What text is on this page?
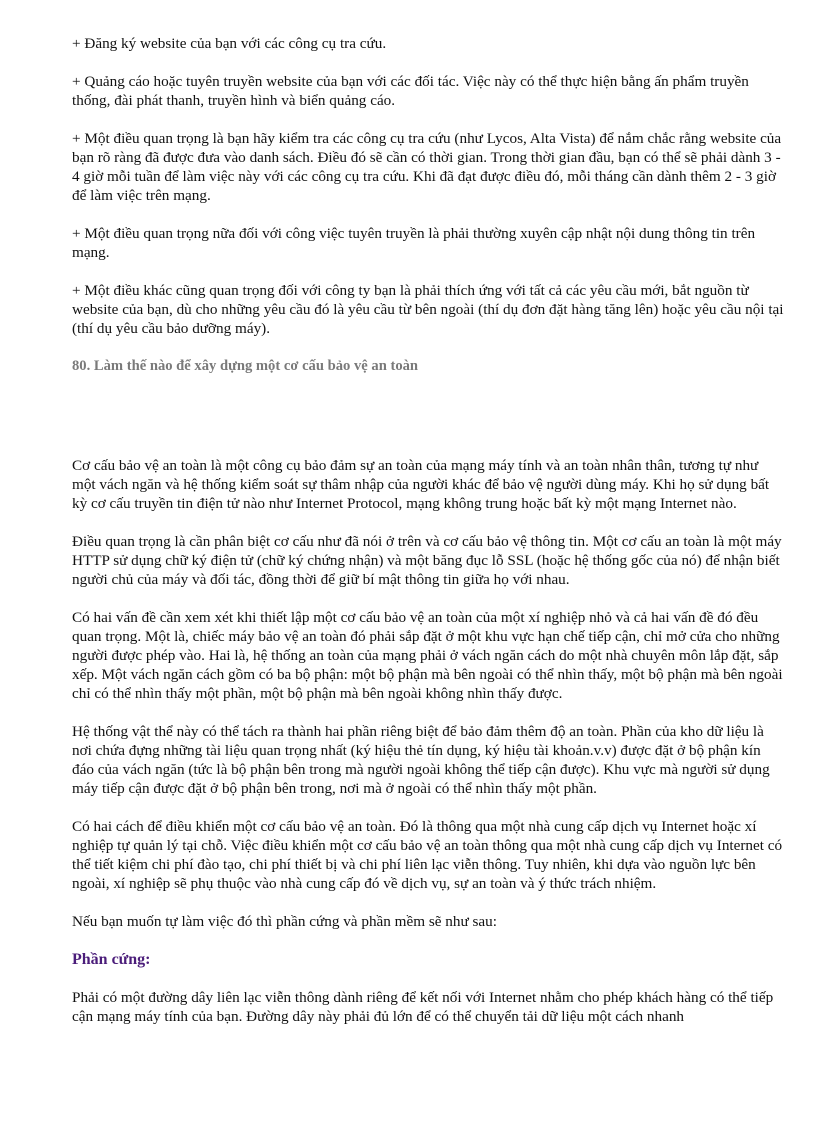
+ Đăng ký website của bạn với các công cụ tra cứu.

+ Quảng cáo hoặc tuyên truyền website của bạn với các đối tác. Việc này có thể thực hiện bằng ấn phẩm truyền thống, đài phát thanh, truyền hình và biển quảng cáo.

+ Một điều quan trọng là bạn hãy kiểm tra các công cụ tra cứu (như Lycos, Alta Vista) để nắm chắc rằng website của bạn rõ ràng đã được đưa vào danh sách. Điều đó sẽ cần có thời gian. Trong thời gian đầu, bạn có thể sẽ phải dành 3 - 4 giờ mỗi tuần để làm việc này với các công cụ tra cứu. Khi đã đạt được điều đó, mỗi tháng cần dành thêm 2 - 3 giờ để làm việc trên mạng.

+ Một điều quan trọng nữa đối với công việc tuyên truyền là phải thường xuyên cập nhật nội dung thông tin trên mạng.

+ Một điều khác cũng quan trọng đối với công ty bạn là phải thích ứng với tất cả các yêu cầu mới, bắt nguồn từ website của bạn, dù cho những yêu cầu đó là yêu cầu từ bên ngoài (thí dụ đơn đặt hàng tăng lên) hoặc yêu cầu nội tại (thí dụ yêu cầu bảo dưỡng máy).

80. Làm thế nào để xây dựng một cơ cấu bảo vệ an toàn

Cơ cấu bảo vệ an toàn là một công cụ bảo đảm sự an toàn của mạng máy tính và an toàn nhân thân, tương tự như một vách ngăn và hệ thống kiểm soát sự thâm nhập của người khác để bảo vệ người dùng máy. Khi họ sử dụng bất kỳ cơ cấu truyền tin điện tử nào như Internet Protocol, mạng không trung hoặc bất kỳ một mạng Internet nào.

Điều quan trọng là cần phân biệt cơ cấu như đã nói ở trên và cơ cấu bảo vệ thông tin. Một cơ cấu an toàn là một máy HTTP sử dụng chữ ký điện tử (chữ ký chứng nhận) và một băng đục lỗ SSL (hoặc hệ thống gốc của nó) để nhận biết người chủ của máy và đối tác, đồng thời để giữ bí mật thông tin giữa họ với nhau.

Có hai vấn đề cần xem xét khi thiết lập một cơ cấu bảo vệ an toàn của một xí nghiệp nhỏ và cả hai vấn đề đó đều quan trọng. Một là, chiếc máy bảo vệ an toàn đó phải sắp đặt ở một khu vực hạn chế tiếp cận, chỉ mở cửa cho những người được phép vào. Hai là, hệ thống an toàn của mạng phải ở vách ngăn cách do một nhà chuyên môn lắp đặt, sắp xếp. Một vách ngăn cách gồm có ba bộ phận: một bộ phận mà bên ngoài có thể nhìn thấy, một bộ phận mà bên ngoài chỉ có thể nhìn thấy một phần, một bộ phận mà bên ngoài không nhìn thấy được.

Hệ thống vật thể này có thể tách ra thành hai phần riêng biệt để bảo đảm thêm độ an toàn. Phần của kho dữ liệu là nơi chứa đựng những tài liệu quan trọng nhất (ký hiệu thẻ tín dụng, ký hiệu tài khoản.v.v) được đặt ở bộ phận kín đáo của vách ngăn (tức là bộ phận bên trong mà người ngoài không thể tiếp cận được). Khu vực mà người sử dụng máy tiếp cận được đặt ở bộ phận bên trong, nơi mà ở ngoài có thể nhìn thấy một phần.

Có hai cách để điều khiển một cơ cấu bảo vệ an toàn. Đó là thông qua một nhà cung cấp dịch vụ Internet hoặc xí nghiệp tự quản lý tại chỗ. Việc điều khiển một cơ cấu bảo vệ an toàn thông qua một nhà cung cấp dịch vụ Internet có thể tiết kiệm chi phí đào tạo, chi phí thiết bị và chi phí liên lạc viễn thông. Tuy nhiên, khi dựa vào nguồn lực bên ngoài, xí nghiệp sẽ phụ thuộc vào nhà cung cấp đó về dịch vụ, sự an toàn và ý thức trách nhiệm.

Nếu bạn muốn tự làm việc đó thì phần cứng và phần mềm sẽ như sau:

Phần cứng:

Phải có một đường dây liên lạc viễn thông dành riêng để kết nối với Internet nhằm cho phép khách hàng có thể tiếp cận mạng máy tính của bạn. Đường dây này phải đủ lớn để có thể chuyển tải dữ liệu một cách nhanh
